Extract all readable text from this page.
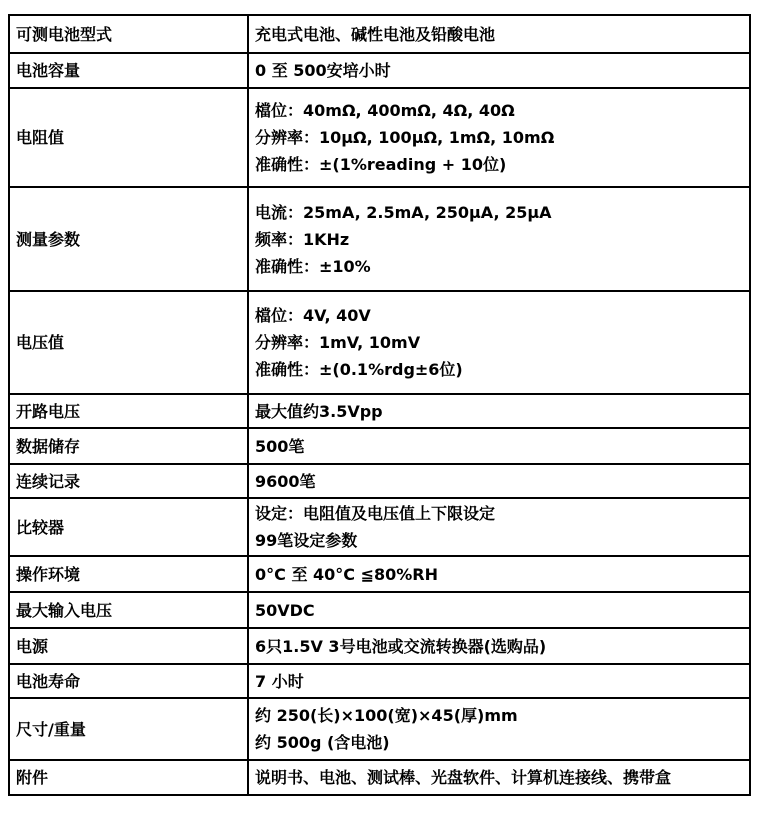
可测电池型式	充电式电池、碱性电池及铅酸电池

电池容量	0 至 500安培小时

电阻值	檔位：40mΩ, 400mΩ, 4Ω, 40Ω
分辨率：10μΩ, 100μΩ, 1mΩ, 10mΩ
准确性：±(1%reading + 10位)

测量参数	电流：25mA, 2.5mA, 250μA, 25μA
频率：1KHz
准确性：±10%

电压值	檔位：4V, 40V
分辨率：1mV, 10mV
准确性：±(0.1%rdg±6位)

开路电压	最大值约3.5Vpp

数据储存	500笔

连续记录	9600笔

比较器	设定：电阻值及电压值上下限设定
99笔设定参数

操作环境	0°C 至 40°C ≦80%RH

最大输入电压	50VDC

电源	6只1.5V 3号电池或交流转换器(选购品)

电池寿命	7 小时

尺寸/重量	约 250(长)×100(宽)×45(厚)mm
约 500g (含电池)

附件	说明书、电池、测试棒、光盘软件、计算机连接线、携带盒
